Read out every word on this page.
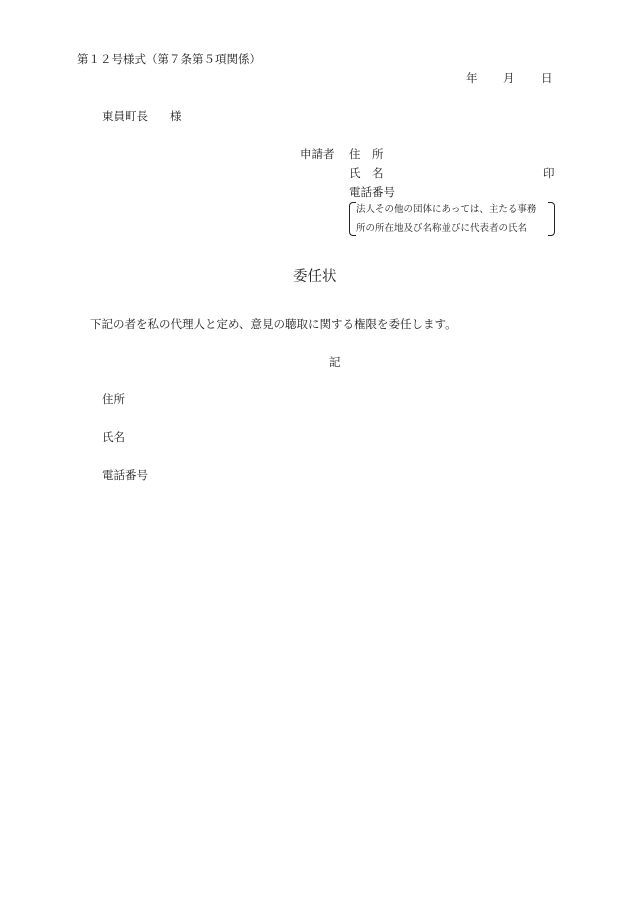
第１２号様式（第７条第５項関係）
年 月 日
東員町長 様
申請者 住　所
氏　名	印
電話番号
法人その他の団体にあっては、主たる事務
所の所在地及び名称並びに代表者の氏名
委任状
下記の者を私の代理人と定め、意見の聴取に関する権限を委任します。
記
住所
氏名
電話番号
